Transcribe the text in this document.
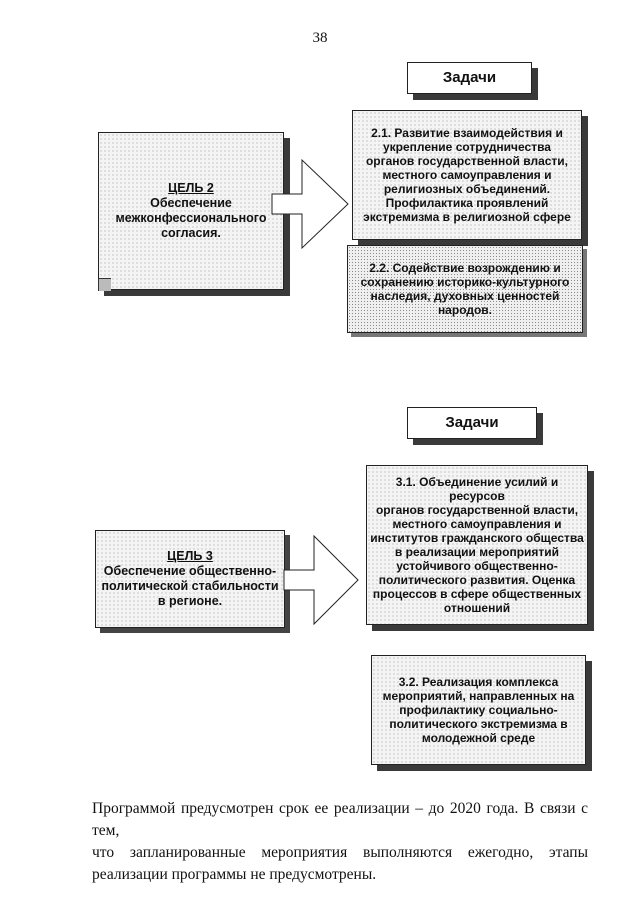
38
Задачи
ЦЕЛЬ 2
Обеспечение
межконфессионального
согласия.
2.1. Развитие взаимодействия и
укрепление сотрудничества
органов государственной власти,
местного самоуправления и
религиозных объединений.
Профилактика проявлений
экстремизма в религиозной сфере
2.2. Содействие возрождению и
сохранению историко-культурного
наследия, духовных ценностей
народов.
Задачи
ЦЕЛЬ 3
Обеспечение общественно-
политической стабильности
в регионе.
3.1. Объединение усилий и ресурсов
органов государственной власти,
местного самоуправления и
институтов гражданского общества
в реализации мероприятий
устойчивого общественно-
политического развития. Оценка
процессов в сфере общественных
отношений
3.2. Реализация комплекса
мероприятий, направленных на
профилактику социально-
политического экстремизма в
молодежной среде
Программой предусмотрен срок ее реализации – до 2020 года. В связи с тем,
что запланированные мероприятия выполняются ежегодно, этапы
реализации программы не предусмотрены.
